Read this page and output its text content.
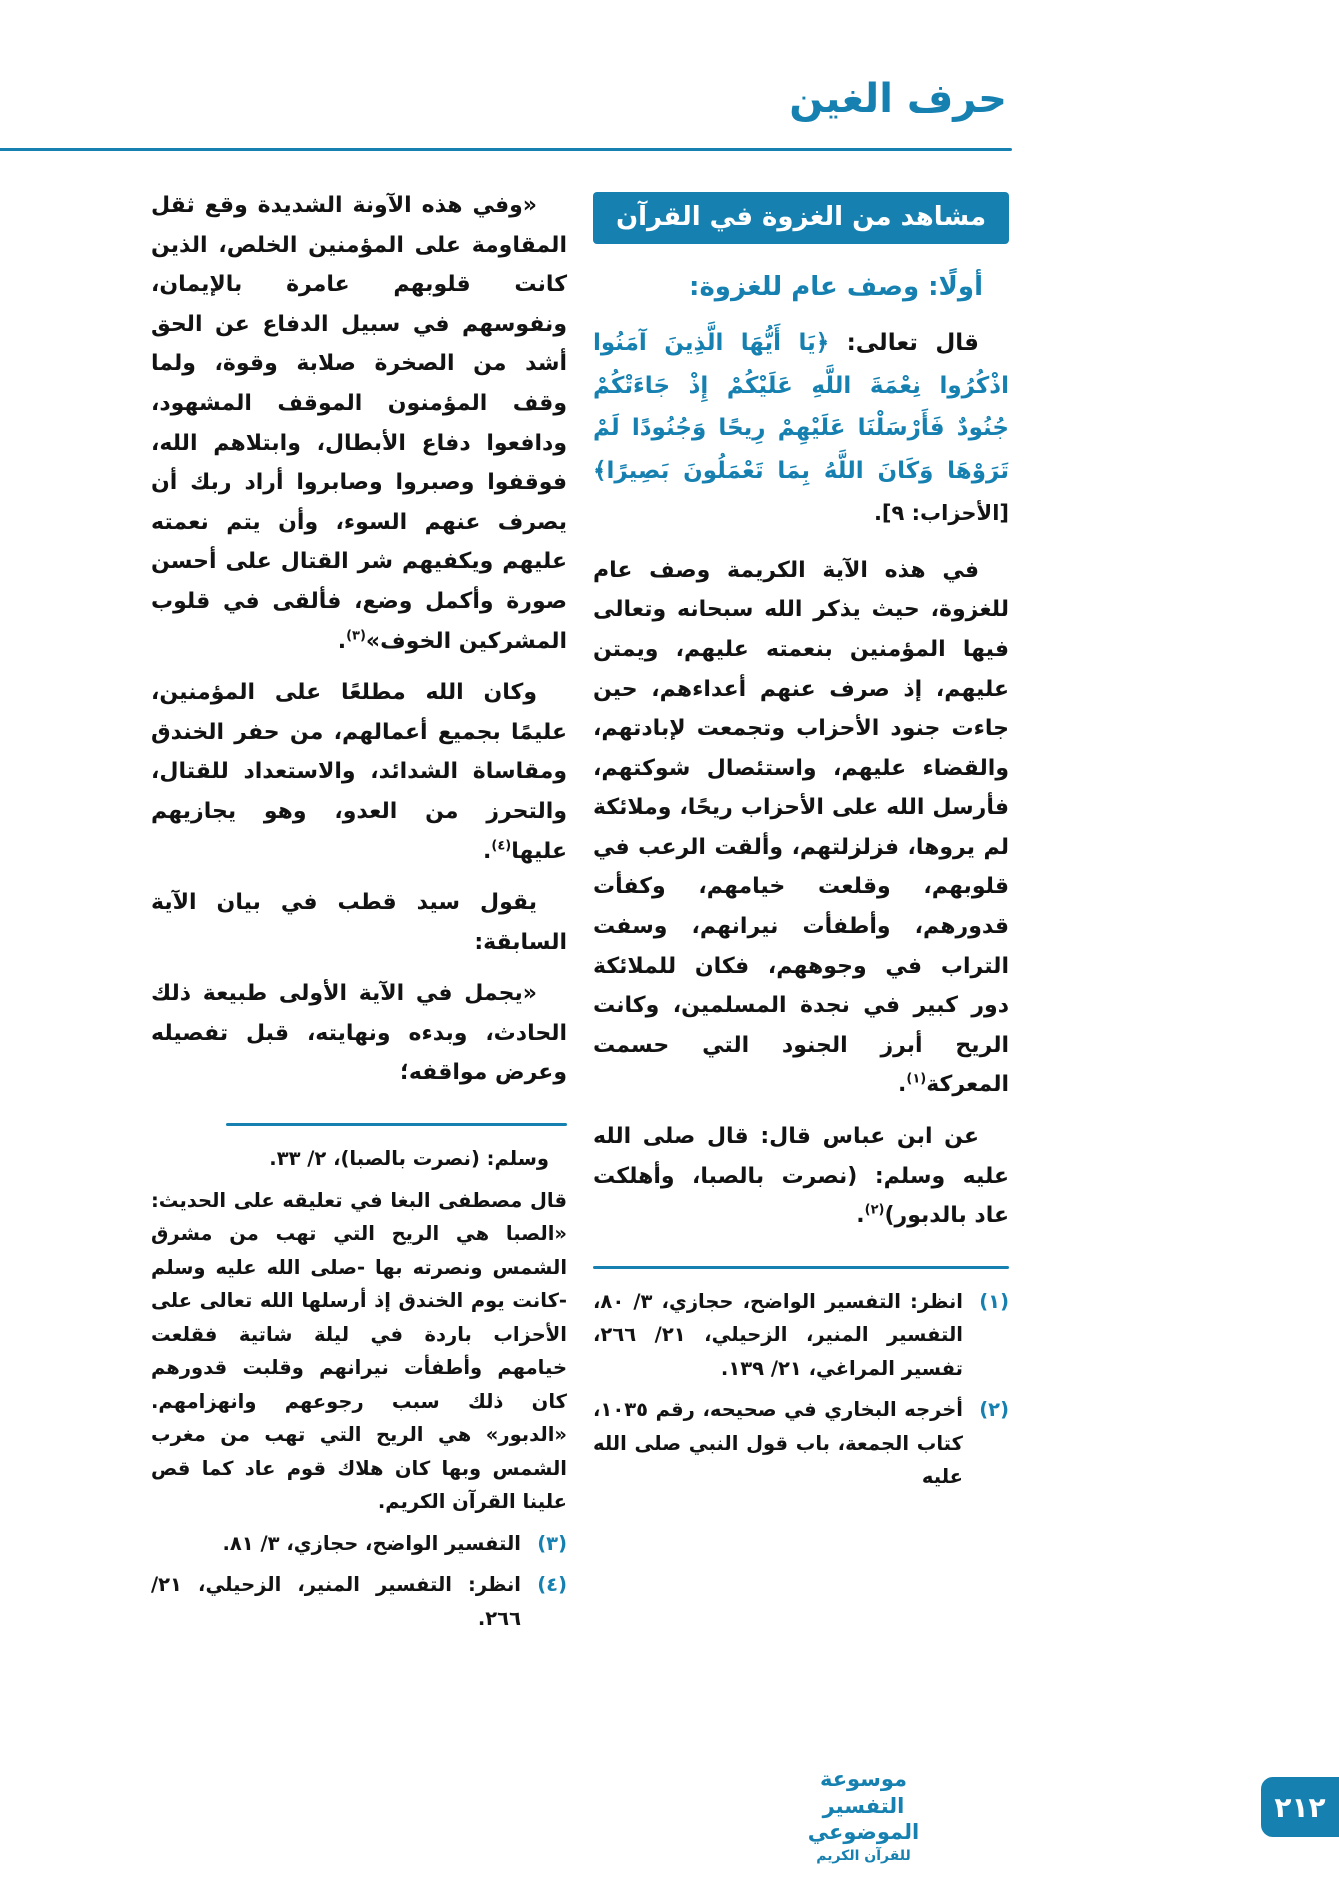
حرف الغين
مشاهد من الغزوة في القرآن
أولًا: وصف عام للغزوة:

قال تعالى: ﴿يَا أَيُّهَا الَّذِينَ آمَنُوا اذْكُرُوا نِعْمَةَ اللَّهِ عَلَيْكُمْ إِذْ جَاءَتْكُمْ جُنُودٌ فَأَرْسَلْنَا عَلَيْهِمْ رِيحًا وَجُنُودًا لَمْ تَرَوْهَا وَكَانَ اللَّهُ بِمَا تَعْمَلُونَ بَصِيرًا﴾ [الأحزاب: ٩].

في هذه الآية الكريمة وصف عام للغزوة، حيث يذكر الله سبحانه وتعالى فيها المؤمنين بنعمته عليهم، ويمتن عليهم، إذ صرف عنهم أعداءهم، حين جاءت جنود الأحزاب وتجمعت لإبادتهم، والقضاء عليهم، واستئصال شوكتهم، فأرسل الله على الأحزاب ريحًا، وملائكة لم يروها، فزلزلتهم، وألقت الرعب في قلوبهم، وقلعت خيامهم، وكفأت قدورهم، وأطفأت نيرانهم، وسفت التراب في وجوههم، فكان للملائكة دور كبير في نجدة المسلمين، وكانت الريح أبرز الجنود التي حسمت المعركة$^{(١)}$.

عن ابن عباس قال: قال صلى الله عليه وسلم: (نصرت بالصبا، وأهلكت عاد بالدبور)$^{(٢)}$.

(١)
انظر: التفسير الواضح، حجازي، ٣/ ٨٠، التفسير المنير، الزحيلي، ٢١/ ٢٦٦، تفسير المراغي، ٢١/ ١٣٩.
(٢)
أخرجه البخاري في صحيحه، رقم ١٠٣٥، كتاب الجمعة، باب قول النبي صلى الله عليه

«وفي هذه الآونة الشديدة وقع ثقل المقاومة على المؤمنين الخلص، الذين كانت قلوبهم عامرة بالإيمان، ونفوسهم في سبيل الدفاع عن الحق أشد من الصخرة صلابة وقوة، ولما وقف المؤمنون الموقف المشهود، ودافعوا دفاع الأبطال، وابتلاهم الله، فوقفوا وصبروا وصابروا أراد ربك أن يصرف عنهم السوء، وأن يتم نعمته عليهم ويكفيهم شر القتال على أحسن صورة وأكمل وضع، فألقى في قلوب المشركين الخوف»$^{(٣)}$.

وكان الله مطلعًا على المؤمنين، عليمًا بجميع أعمالهم، من حفر الخندق ومقاساة الشدائد، والاستعداد للقتال، والتحرز من العدو، وهو يجازيهم عليها$^{(٤)}$.

يقول سيد قطب في بيان الآية السابقة:

«يجمل في الآية الأولى طبيعة ذلك الحادث، وبدءه ونهايته، قبل تفصيله وعرض مواقفه؛

وسلم: (نصرت بالصبا)، ٢/ ٣٣.
قال مصطفى البغا في تعليقه على الحديث: «الصبا هي الريح التي تهب من مشرق الشمس ونصرته بها -صلى الله عليه وسلم -كانت يوم الخندق إذ أرسلها الله تعالى على الأحزاب باردة في ليلة شاتية فقلعت خيامهم وأطفأت نيرانهم وقلبت قدورهم كان ذلك سبب رجوعهم وانهزامهم. «الدبور» هي الريح التي تهب من مغرب الشمس وبها كان هلاك قوم عاد كما قص علينا القرآن الكريم.
(٣)
التفسير الواضح، حجازي، ٣/ ٨١.
(٤)
انظر: التفسير المنير، الزحيلي، ٢١/ ٢٦٦.
موسوعة التفسير الموضوعي
للقرآن الكريم
٢١٢
